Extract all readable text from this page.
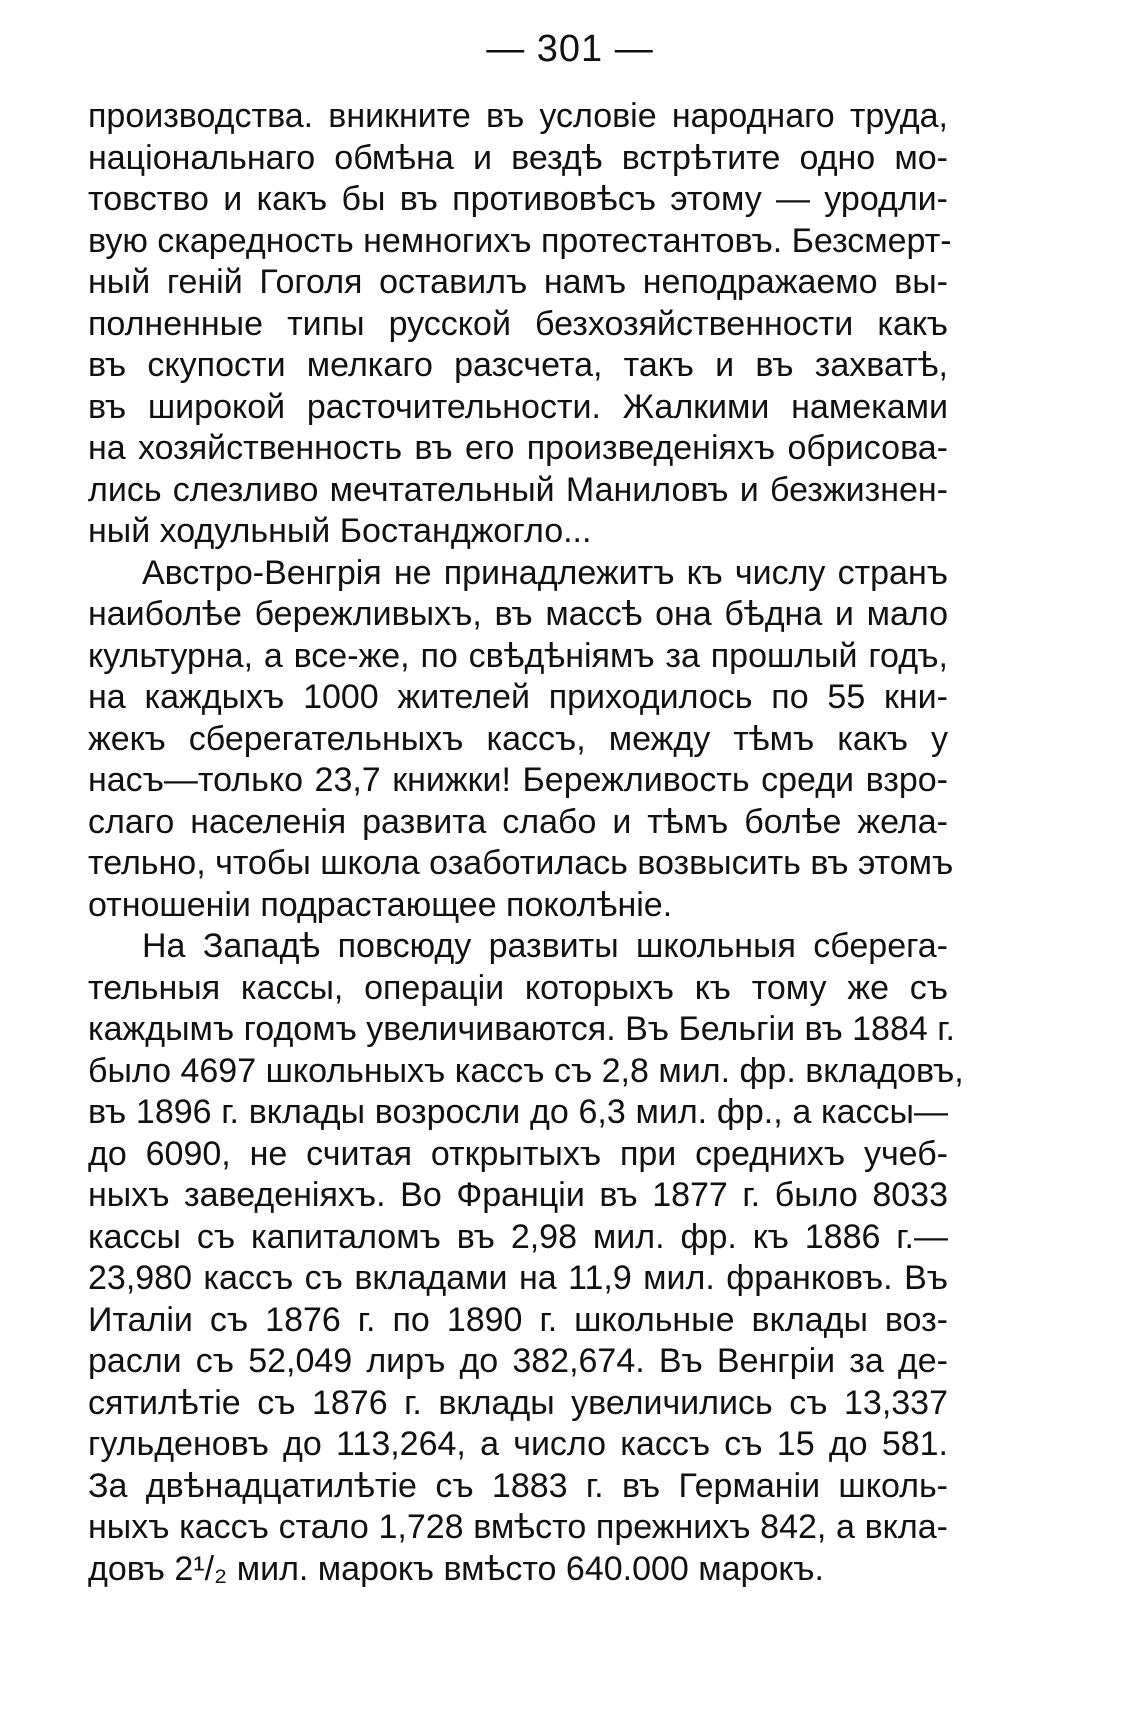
— 301 —
производства. вникните въ условіе народнаго труда,
національнаго обмѣна и вездѣ встрѣтите одно мо-
товство и какъ бы въ противовѣсъ этому — уродли-
вую скаредность немногихъ протестантовъ. Безсмерт-
ный геній Гоголя оставилъ намъ неподражаемо вы-
полненные типы русской безхозяйственности какъ
въ скупости мелкаго разсчета, такъ и въ захватѣ,
въ широкой расточительности. Жалкими намеками
на хозяйственность въ его произведеніяхъ обрисова-
лись слезливо мечтательный Маниловъ и безжизнен-
ный ходульный Бостанджогло...
Австро-Венгрія не принадлежитъ къ числу странъ
наиболѣе бережливыхъ, въ массѣ она бѣдна и мало
культурна, а все-же, по свѣдѣніямъ за прошлый годъ,
на каждыхъ 1000 жителей приходилось по 55 кни-
жекъ сберегательныхъ кассъ, между тѣмъ какъ у
насъ—только 23,7 книжки! Бережливость среди взро-
слаго населенія развита слабо и тѣмъ болѣе жела-
тельно, чтобы школа озаботилась возвысить въ этомъ
отношеніи подрастающее поколѣніе.
На Западѣ повсюду развиты школьныя сберега-
тельныя кассы, операціи которыхъ къ тому же съ
каждымъ годомъ увеличиваются. Въ Бельгіи въ 1884 г.
было 4697 школьныхъ кассъ съ 2,8 мил. фр. вкладовъ,
въ 1896 г. вклады возросли до 6,3 мил. фр., а кассы—
до 6090, не считая открытыхъ при среднихъ учеб-
ныхъ заведеніяхъ. Во Франціи въ 1877 г. было 8033
кассы съ капиталомъ въ 2,98 мил. фр. къ 1886 г.—
23,980 кассъ съ вкладами на 11,9 мил. франковъ. Въ
Италіи съ 1876 г. по 1890 г. школьные вклады воз-
расли съ 52,049 лиръ до 382,674. Въ Венгріи за де-
сятилѣтіе съ 1876 г. вклады увеличились съ 13,337
гульденовъ до 113,264, а число кассъ съ 15 до 581.
За двѣнадцатилѣтіе съ 1883 г. въ Германіи школь-
ныхъ кассъ стало 1,728 вмѣсто прежнихъ 842, а вкла-
довъ 2¹/₂ мил. марокъ вмѣсто 640.000 марокъ.
